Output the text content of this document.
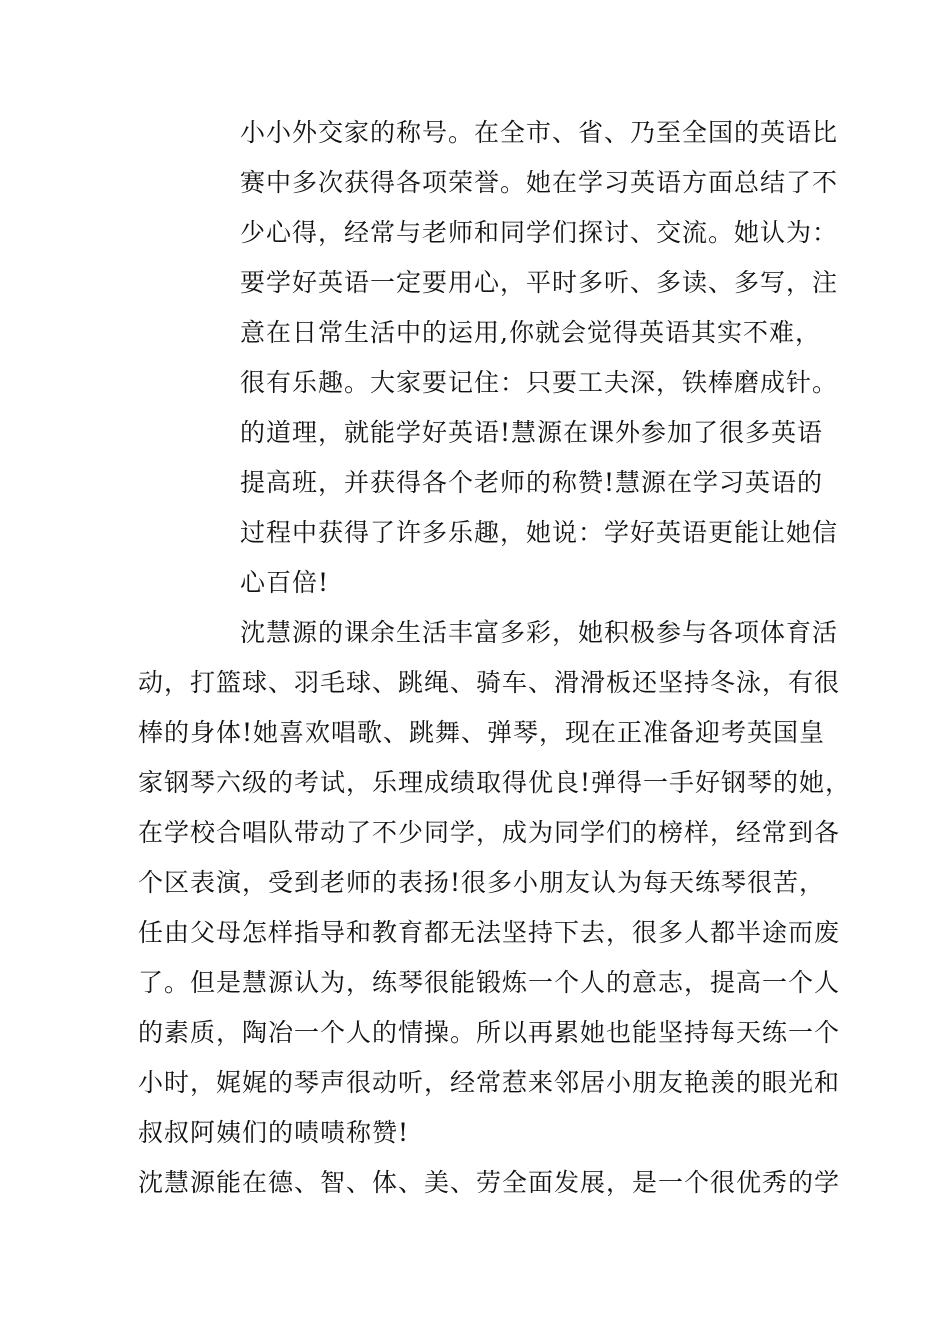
小小外交家的称号。在全市、省、乃至全国的英语比
赛中多次获得各项荣誉。她在学习英语方面总结了不
少心得，经常与老师和同学们探讨、交流。她认为：
要学好英语一定要用心，平时多听、多读、多写，注
意在日常生活中的运用,你就会觉得英语其实不难，
很有乐趣。大家要记住：只要工夫深，铁棒磨成针。
的道理，就能学好英语!慧源在课外参加了很多英语
提高班，并获得各个老师的称赞!慧源在学习英语的
过程中获得了许多乐趣，她说：学好英语更能让她信
心百倍!
沈慧源的课余生活丰富多彩，她积极参与各项体育活
动，打篮球、羽毛球、跳绳、骑车、滑滑板还坚持冬泳，有很
棒的身体!她喜欢唱歌、跳舞、弹琴，现在正准备迎考英国皇
家钢琴六级的考试，乐理成绩取得优良!弹得一手好钢琴的她，
在学校合唱队带动了不少同学，成为同学们的榜样，经常到各
个区表演，受到老师的表扬!很多小朋友认为每天练琴很苦，
任由父母怎样指导和教育都无法坚持下去，很多人都半途而废
了。但是慧源认为，练琴很能锻炼一个人的意志，提高一个人
的素质，陶冶一个人的情操。所以再累她也能坚持每天练一个
小时，娓娓的琴声很动听，经常惹来邻居小朋友艳羡的眼光和
叔叔阿姨们的啧啧称赞!
沈慧源能在德、智、体、美、劳全面发展，是一个很优秀的学
